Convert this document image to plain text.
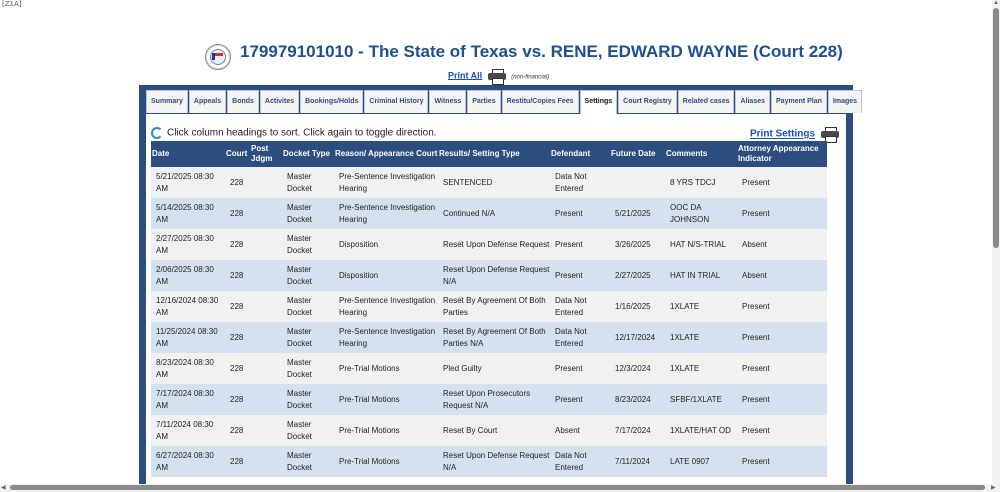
[Z1A]
179979101010 - The State of Texas vs. RENE, EDWARD WAYNE (Court 228)
Print All	(non-financial)
Summary	Appeals	Bonds	Activites	Bookings/Holds	Criminal History	Witness	Parties	Restitu/Copies Fees	Settings	Court Registry	Related cases	Aliases	Payment Plan	Images
Click column headings to sort. Click again to toggle direction.	Print Settings
Date	Court	Post Jdgm	Docket Type	Reason/ Appearance Court	Results/ Setting Type	Defendant	Future Date	Comments	Attorney Appearance Indicator
5/21/2025 08:30 AM	228		Master Docket	Pre-Sentence Investigation Hearing	SENTENCED	Data Not Entered		8 YRS TDCJ	Present
5/14/2025 08:30 AM	228		Master Docket	Pre-Sentence Investigation Hearing	Continued N/A	Present	5/21/2025	OOC DA JOHNSON	Present
2/27/2025 08:30 AM	228		Master Docket	Disposition	Reset Upon Defense Request	Present	3/26/2025	HAT N/S-TRIAL	Absent
2/06/2025 08:30 AM	228		Master Docket	Disposition	Reset Upon Defense Request N/A	Present	2/27/2025	HAT IN TRIAL	Absent
12/16/2024 08:30 AM	228		Master Docket	Pre-Sentence Investigation Hearing	Reset By Agreement Of Both Parties	Data Not Entered	1/16/2025	1XLATE	Present
11/25/2024 08:30 AM	228		Master Docket	Pre-Sentence Investigation Hearing	Reset By Agreement Of Both Parties N/A	Data Not Entered	12/17/2024	1XLATE	Present
8/23/2024 08:30 AM	228		Master Docket	Pre-Trial Motions	Pled Guilty	Present	12/3/2024	1XLATE	Present
7/17/2024 08:30 AM	228		Master Docket	Pre-Trial Motions	Reset Upon Prosecutors Request N/A	Present	8/23/2024	SFBF/1XLATE	Present
7/11/2024 08:30 AM	228		Master Docket	Pre-Trial Motions	Reset By Court	Absent	7/17/2024	1XLATE/HAT OD	Present
6/27/2024 08:30 AM	228		Master Docket	Pre-Trial Motions	Reset Upon Defense Request N/A	Data Not Entered	7/11/2024	LATE 0907	Present
▲
◀	▶
